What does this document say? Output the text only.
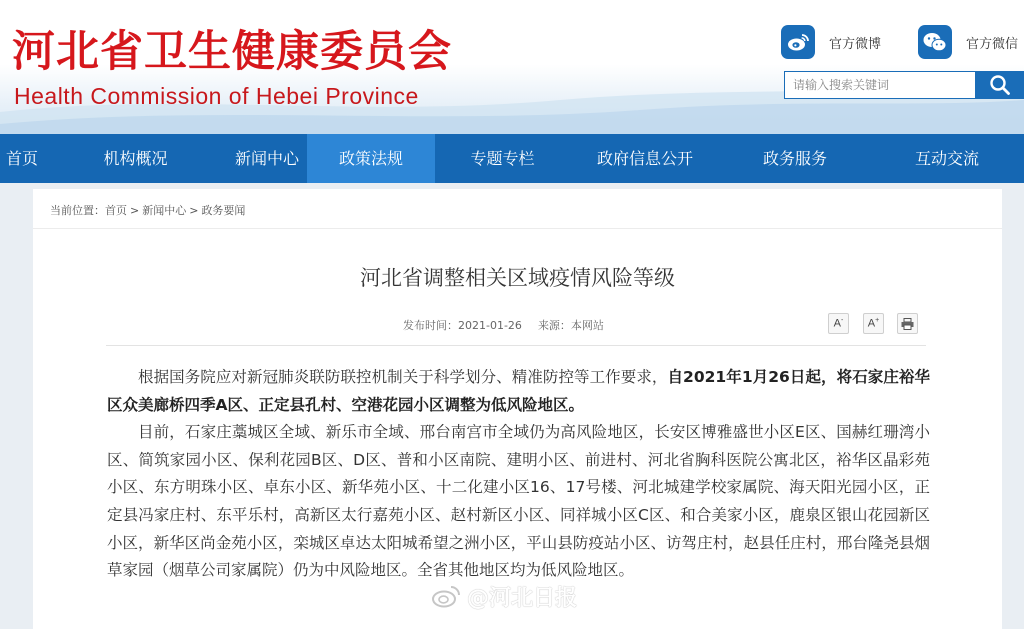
河北省卫生健康委员会
Health Commission of Hebei Province
官方微博	官方微信
请输入搜索关键词
首页	机构概况	新闻中心	政策法规	专题专栏	政府信息公开	政务服务	互动交流
当前位置：首页 > 新闻中心 > 政务要闻
河北省调整相关区域疫情风险等级
发布时间：2021-01-26 来源：本网站	A- A+

根据国务院应对新冠肺炎联防联控机制关于科学划分、精准防控等工作要求，自2021年1月26日起，将石家庄裕华区众美廊桥四季A区、正定县孔村、空港花园小区调整为低风险地区。

目前，石家庄藁城区全域、新乐市全域、邢台南宫市全域仍为高风险地区，长安区博雅盛世小区E区、国赫红珊湾小区、简筑家园小区、保利花园B区、D区、普和小区南院、建明小区、前进村、河北省胸科医院公寓北区，裕华区晶彩苑小区、东方明珠小区、卓东小区、新华苑小区、十二化建小区16、17号楼、河北城建学校家属院、海天阳光园小区，正定县冯家庄村、东平乐村，高新区太行嘉苑小区、赵村新区小区、同祥城小区C区、和合美家小区，鹿泉区银山花园新区小区，新华区尚金苑小区，栾城区卓达太阳城希望之洲小区，平山县防疫站小区、访驾庄村，赵县任庄村，邢台隆尧县烟草家园（烟草公司家属院）仍为中风险地区。全省其他地区均为低风险地区。

@河北日报
